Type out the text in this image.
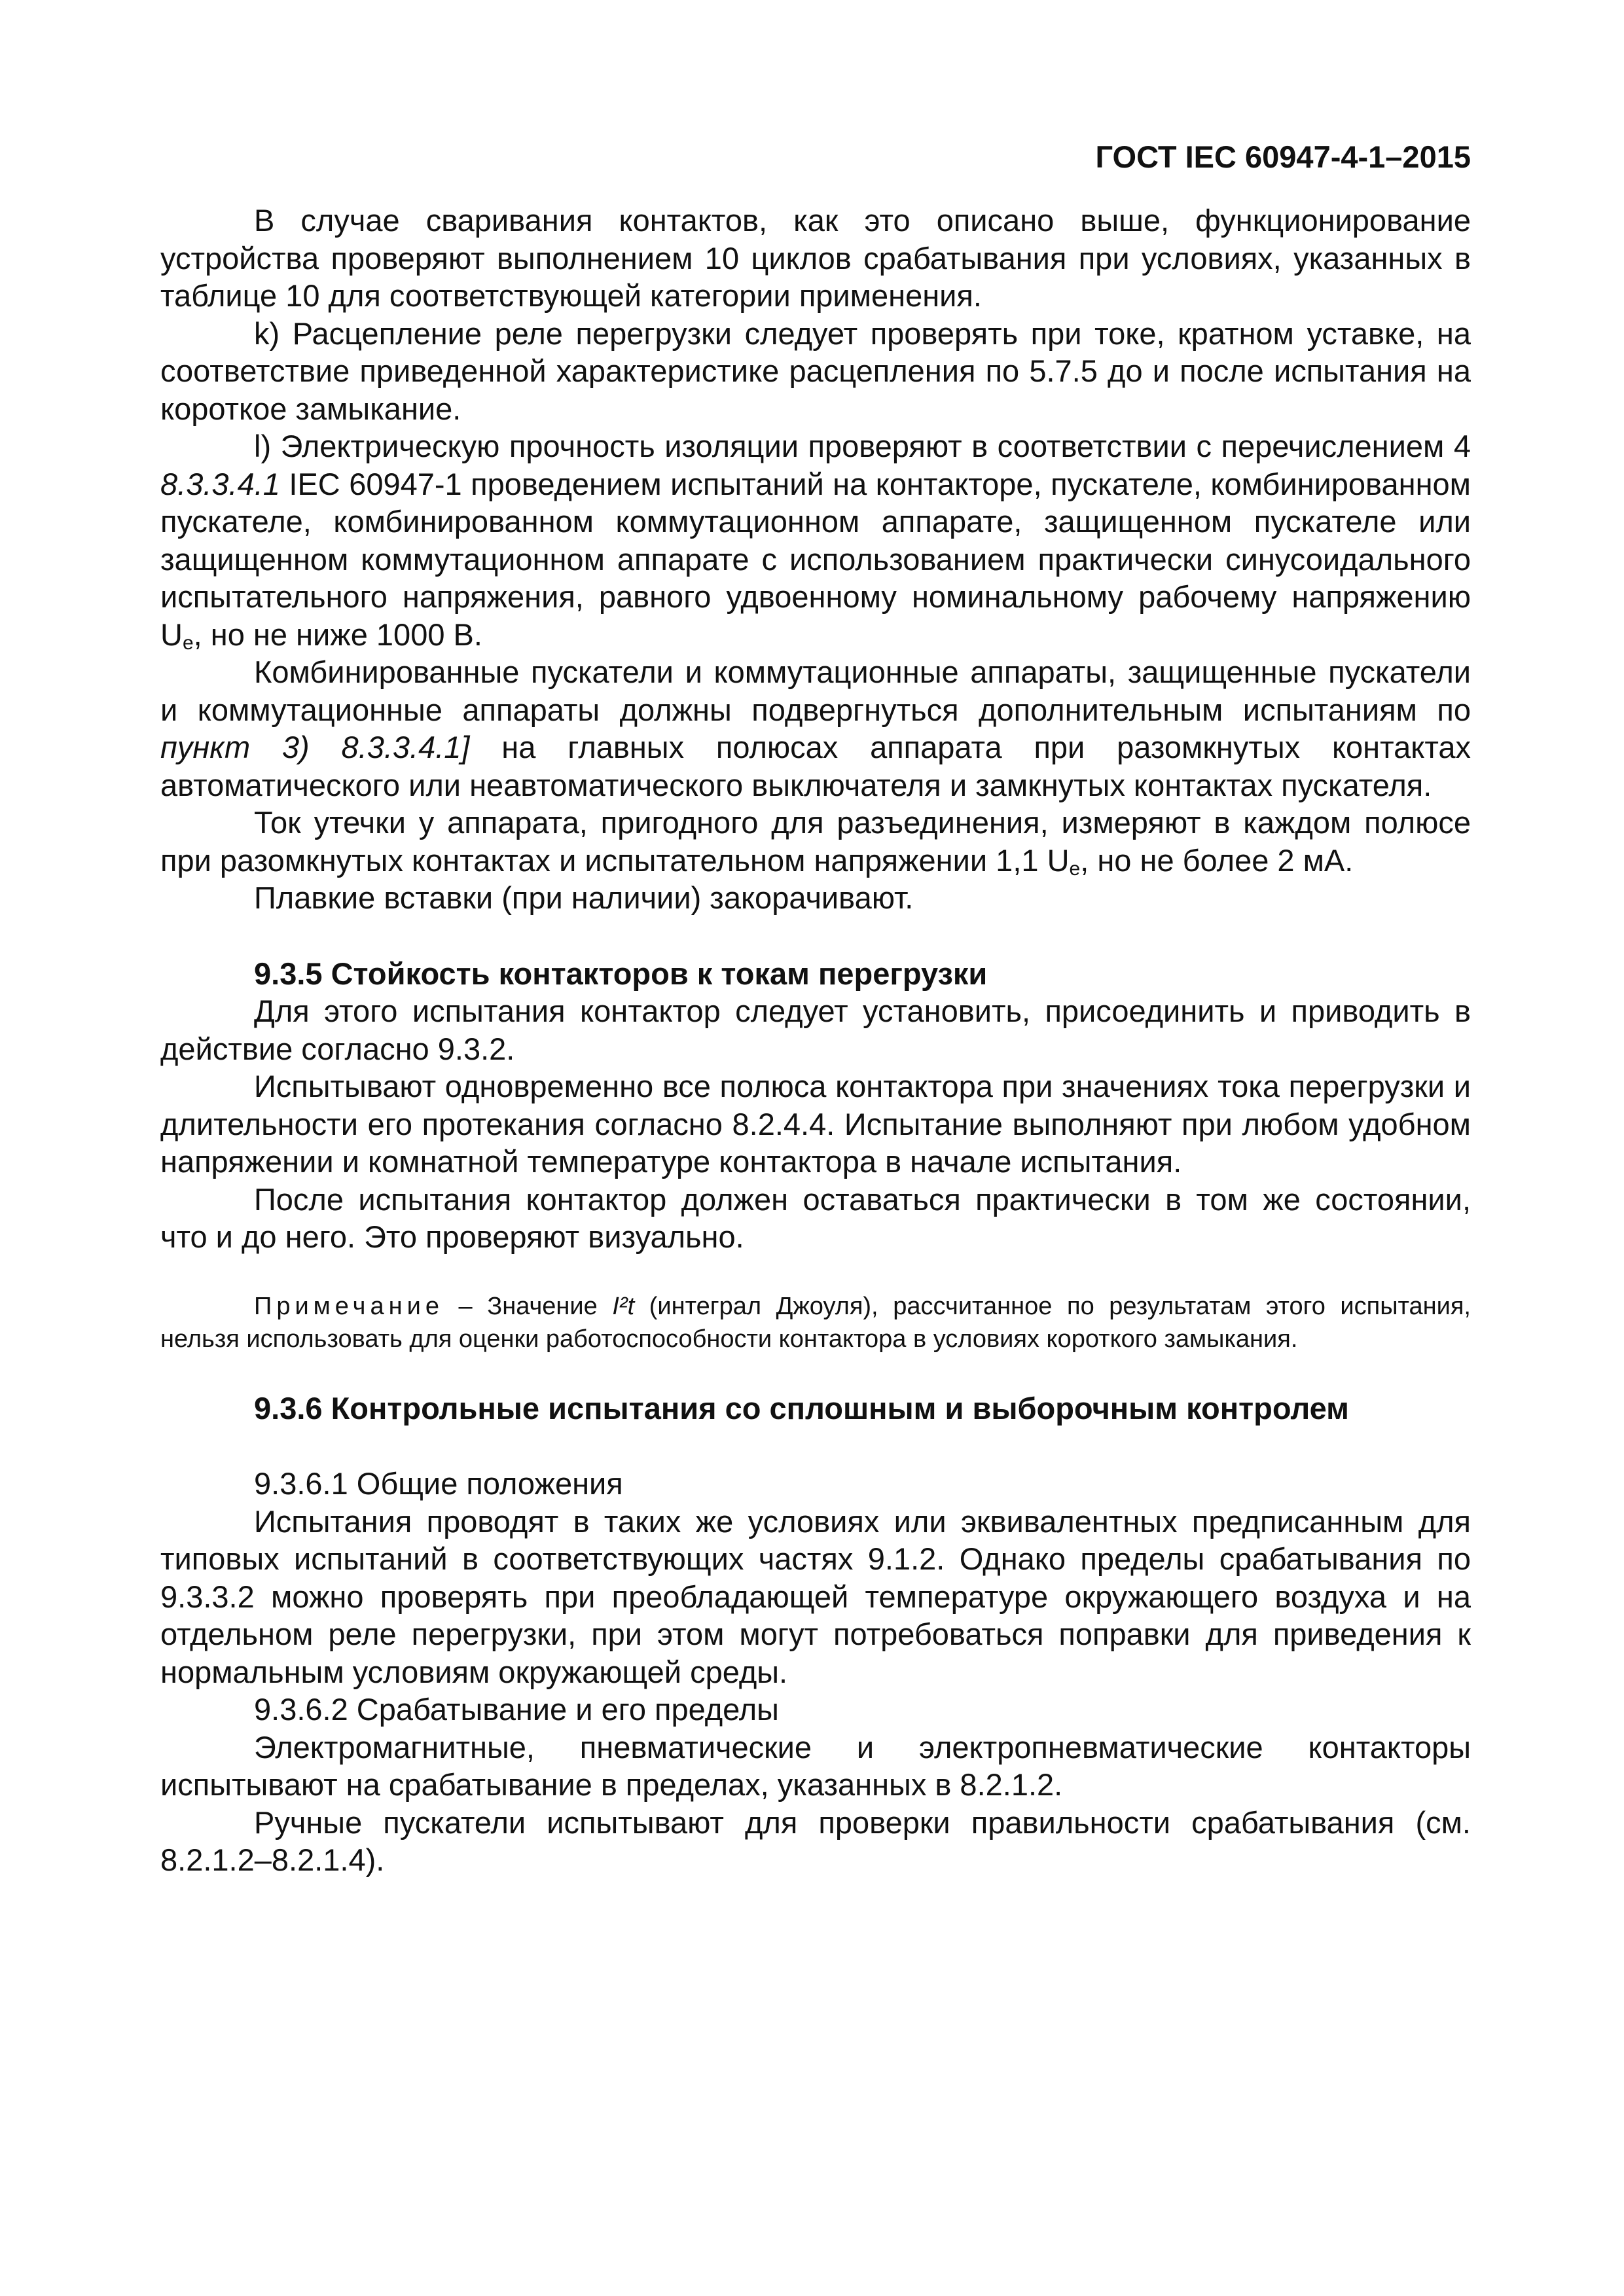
ГОСТ IEC 60947-4-1–2015

В случае сваривания контактов, как это описано выше, функционирование устройства проверяют выполнением 10 циклов срабатывания при условиях, указанных в таблице 10 для соответствующей категории применения.

k) Расцепление реле перегрузки следует проверять при токе, кратном уставке, на соответствие приведенной характеристике расцепления по 5.7.5 до и после испытания на короткое замыкание.

l) Электрическую прочность изоляции проверяют в соответствии с перечислением 4 8.3.3.4.1 IEC 60947-1 проведением испытаний на контакторе, пускателе, комбинированном пускателе, комбинированном коммутационном аппарате, защищенном пускателе или защищенном коммутационном аппарате с использованием практически синусоидального испытательного напряжения, равного удвоенному номинальному рабочему напряжению $U_e$, но не ниже 1000 В.

Комбинированные пускатели и коммутационные аппараты, защищенные пускатели и коммутационные аппараты должны подвергнуться дополнительным испытаниям по пункт 3) 8.3.3.4.1] на главных полюсах аппарата при разомкнутых контактах автоматического или неавтоматического выключателя и замкнутых контактах пускателя.

Ток утечки у аппарата, пригодного для разъединения, измеряют в каждом полюсе при разомкнутых контактах и испытательном напряжении 1,1 $U_e$, но не более 2 мА.

Плавкие вставки (при наличии) закорачивают.

9.3.5 Стойкость контакторов к токам перегрузки

Для этого испытания контактор следует установить, присоединить и приводить в действие согласно 9.3.2.

Испытывают одновременно все полюса контактора при значениях тока перегрузки и длительности его протекания согласно 8.2.4.4. Испытание выполняют при любом удобном напряжении и комнатной температуре контактора в начале испытания.

После испытания контактор должен оставаться практически в том же состоянии, что и до него. Это проверяют визуально.

Примечание – Значение I²t (интеграл Джоуля), рассчитанное по результатам этого испытания, нельзя использовать для оценки работоспособности контактора в условиях короткого замыкания.

9.3.6 Контрольные испытания со сплошным и выборочным контролем

9.3.6.1 Общие положения

Испытания проводят в таких же условиях или эквивалентных предписанным для типовых испытаний в соответствующих частях 9.1.2. Однако пределы срабатывания по 9.3.3.2 можно проверять при преобладающей температуре окружающего воздуха и на отдельном реле перегрузки, при этом могут потребоваться поправки для приведения к нормальным условиям окружающей среды.

9.3.6.2 Срабатывание и его пределы

Электромагнитные, пневматические и электропневматические контакторы испытывают на срабатывание в пределах, указанных в 8.2.1.2.

Ручные пускатели испытывают для проверки правильности срабатывания (см. 8.2.1.2–8.2.1.4).
